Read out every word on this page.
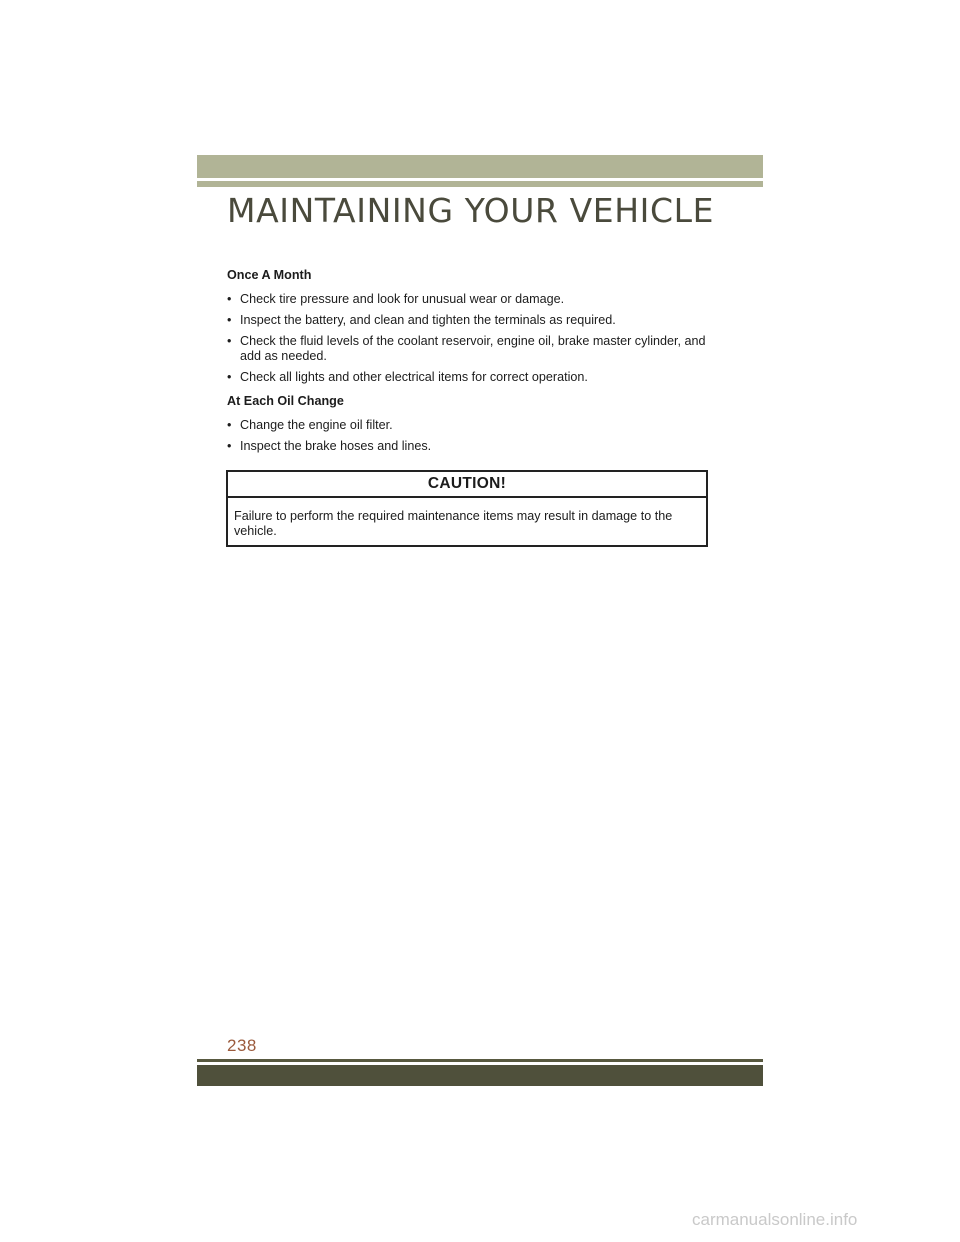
MAINTAINING YOUR VEHICLE
Once A Month
• Check tire pressure and look for unusual wear or damage.
• Inspect the battery, and clean and tighten the terminals as required.
• Check the fluid levels of the coolant reservoir, engine oil, brake master cylinder, and add as needed.
• Check all lights and other electrical items for correct operation.
At Each Oil Change
• Change the engine oil filter.
• Inspect the brake hoses and lines.
CAUTION!
Failure to perform the required maintenance items may result in damage to the vehicle.
238
carmanualsonline.info
